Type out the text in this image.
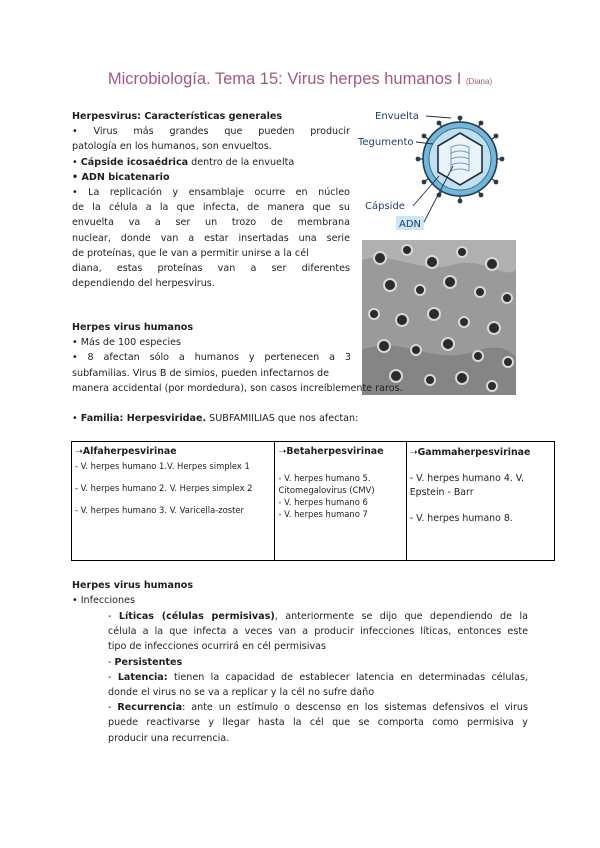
Microbiología. Tema 15: Virus herpes humanos I (Diana)
Herpesvirus: Características generales
• Virus más grandes que pueden producir
patología en los humanos, son envueltos.
• Cápside icosaédrica dentro de la envuelta
• ADN bicatenario
• La replicación y ensamblaje ocurre en núcleo
de la célula a la que infecta, de manera que su
envuelta va a ser un trozo de membrana
nuclear, donde van a estar insertadas una serie
de proteínas, que le van a permitir unirse a la cél
diana, estas proteínas van a ser diferentes
dependiendo del herpesvirus.
Envuelta
Tegumento
Cápside
ADN
Herpes virus humanos
• Más de 100 especies
• 8 afectan sólo a humanos y pertenecen a 3
subfamilias. Virus B de simios, pueden infectarnos de
manera accidental (por mordedura), son casos increíblemente raros.
• Familia: Herpesviridae. SUBFAMIILIAS que nos afectan:
➝Alfaherpesvirinae
- V. herpes humano 1.V. Herpes simplex 1
- V. herpes humano 2. V. Herpes simplex 2
- V. herpes humano 3. V. Varicella-zoster

➝Betaherpesvirinae
- V. herpes humano 5. Citomegalovirus (CMV)
- V. herpes humano 6
- V. herpes humano 7

➝Gammaherpesvirinae
- V. herpes humano 4. V. Epstein - Barr
- V. herpes humano 8.
Herpes virus humanos
• Infecciones
- Líticas (células permisivas), anteriormente se dijo que dependiendo de la
célula a la que infecta a veces van a producir infecciones líticas, entonces este
tipo de infecciones ocurrirá en cél permisivas
- Persistentes
- Latencia: tienen la capacidad de establecer latencia en determinadas células,
donde el virus no se va a replicar y la cél no sufre daño
- Recurrencia: ante un estímulo o descenso en los sistemas defensivos el virus
puede reactivarse y llegar hasta la cél que se comporta como permisiva y
producir una recurrencia.
